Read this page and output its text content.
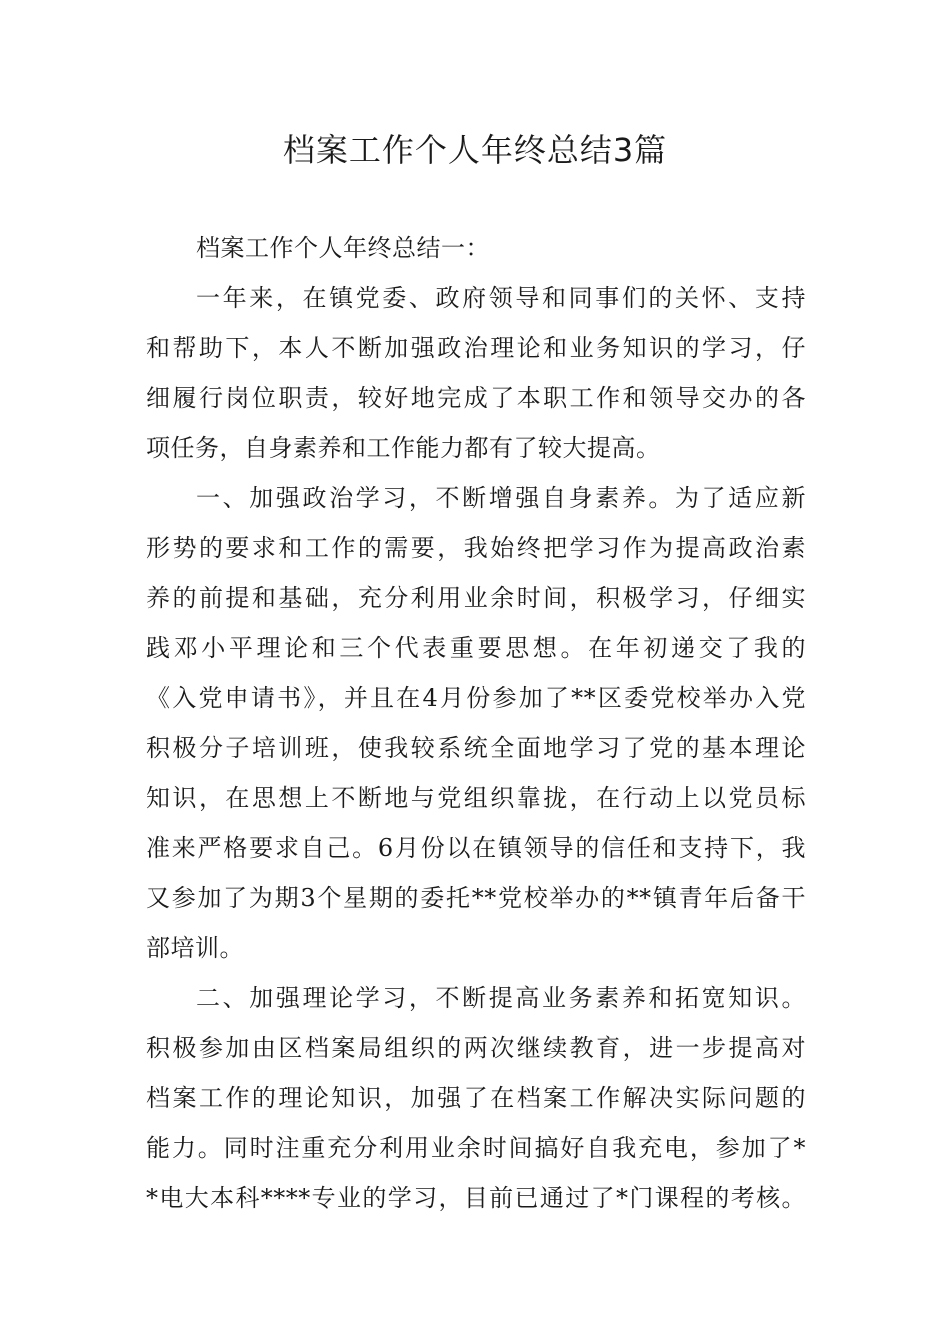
档案工作个人年终总结3篇
档案工作个人年终总结一：
一年来，在镇党委、政府领导和同事们的关怀、支持
和帮助下，本人不断加强政治理论和业务知识的学习，仔
细履行岗位职责，较好地完成了本职工作和领导交办的各
项任务，自身素养和工作能力都有了较大提高。
一、加强政治学习，不断增强自身素养。为了适应新
形势的要求和工作的需要，我始终把学习作为提高政治素
养的前提和基础，充分利用业余时间，积极学习，仔细实
践邓小平理论和三个代表重要思想。在年初递交了我的
《入党申请书》，并且在4月份参加了**区委党校举办入党
积极分子培训班，使我较系统全面地学习了党的基本理论
知识，在思想上不断地与党组织靠拢，在行动上以党员标
准来严格要求自己。6月份以在镇领导的信任和支持下，我
又参加了为期3个星期的委托**党校举办的**镇青年后备干
部培训。
二、加强理论学习，不断提高业务素养和拓宽知识。
积极参加由区档案局组织的两次继续教育，进一步提高对
档案工作的理论知识，加强了在档案工作解决实际问题的
能力。同时注重充分利用业余时间搞好自我充电，参加了*
*电大本科****专业的学习，目前已通过了*门课程的考核。
